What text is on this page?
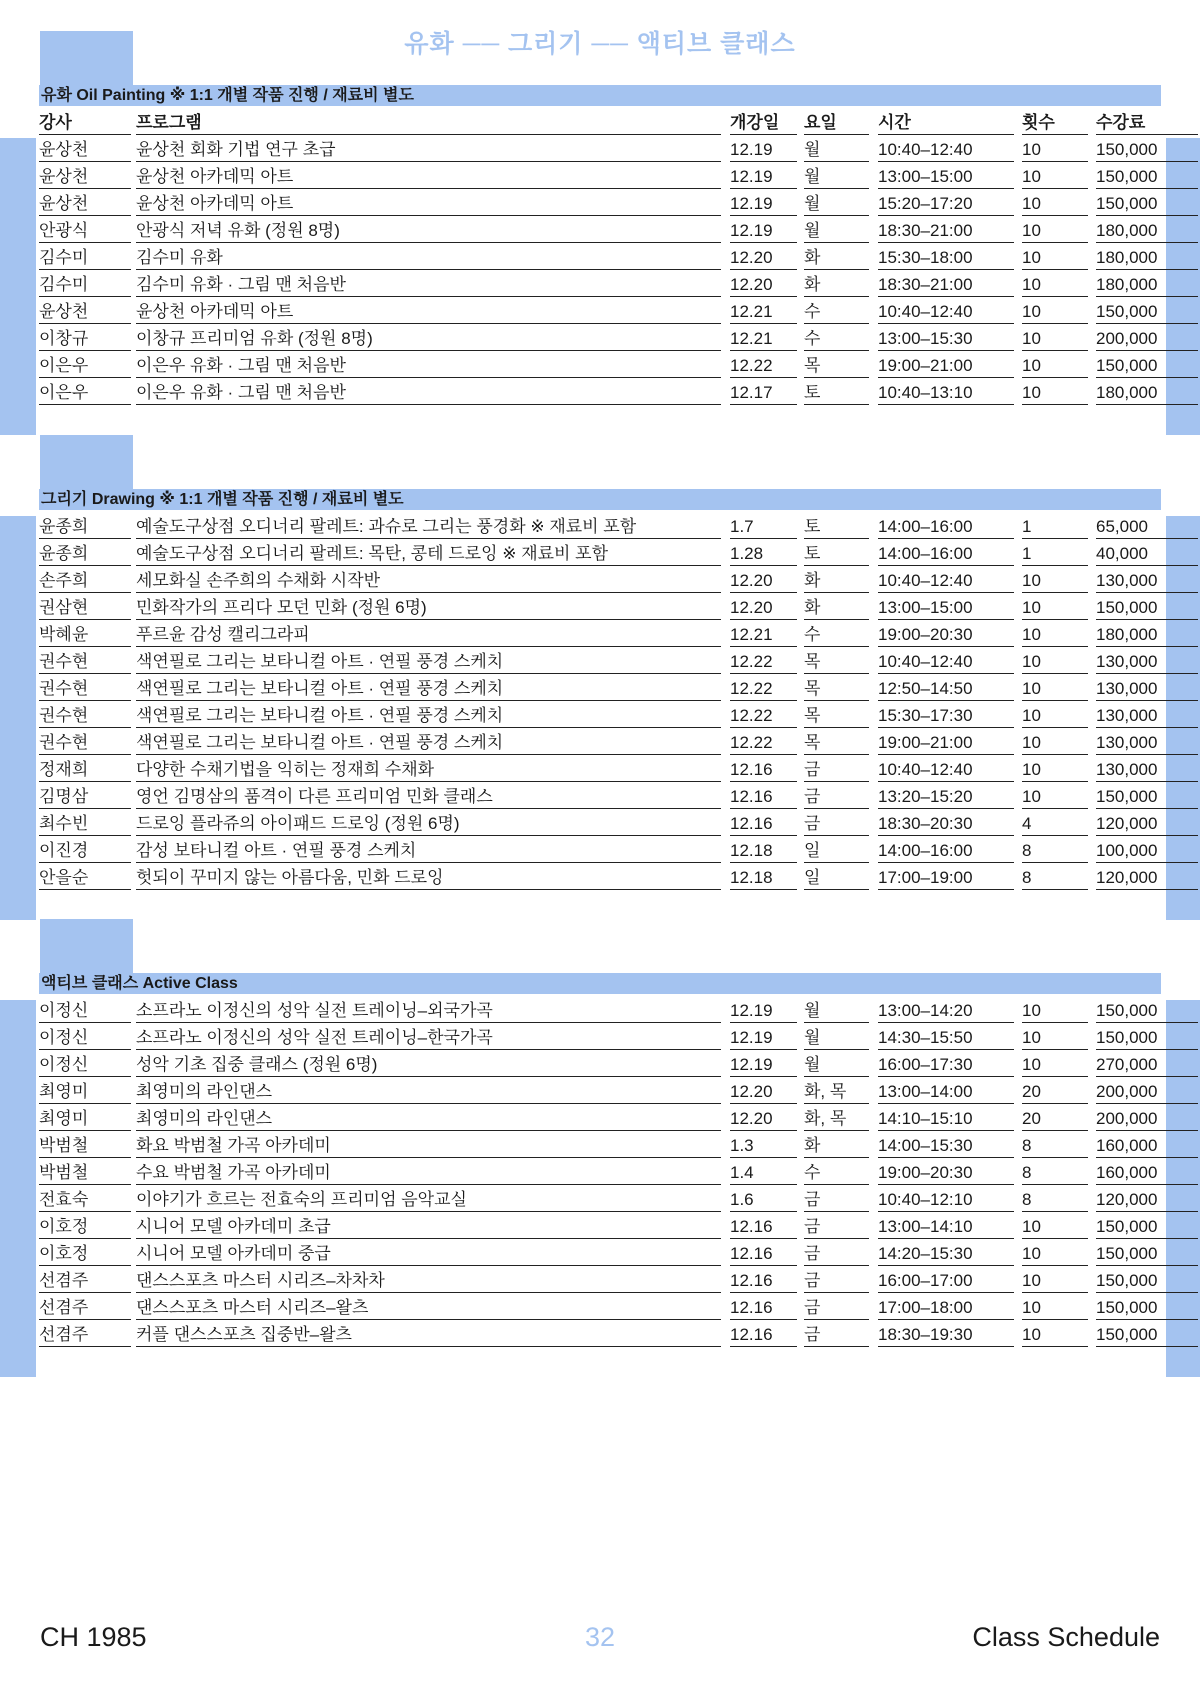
유화 ── 그리기 ── 액티브 클래스
유화 Oil Painting ※ 1:1 개별 작품 진행 / 재료비 별도
강사	프로그램	개강일	요일	시간	횟수	수강료
윤상천	윤상천 회화 기법 연구 초급	12.19	월	10:40–12:40	10	150,000
윤상천	윤상천 아카데믹 아트	12.19	월	13:00–15:00	10	150,000
윤상천	윤상천 아카데믹 아트	12.19	월	15:20–17:20	10	150,000
안광식	안광식 저녁 유화 (정원 8명)	12.19	월	18:30–21:00	10	180,000
김수미	김수미 유화	12.20	화	15:30–18:00	10	180,000
김수미	김수미 유화 · 그림 맨 처음반	12.20	화	18:30–21:00	10	180,000
윤상천	윤상천 아카데믹 아트	12.21	수	10:40–12:40	10	150,000
이창규	이창규 프리미엄 유화 (정원 8명)	12.21	수	13:00–15:30	10	200,000
이은우	이은우 유화 · 그림 맨 처음반	12.22	목	19:00–21:00	10	150,000
이은우	이은우 유화 · 그림 맨 처음반	12.17	토	10:40–13:10	10	180,000
그리기 Drawing ※ 1:1 개별 작품 진행 / 재료비 별도
윤종희	예술도구상점 오디너리 팔레트: 과슈로 그리는 풍경화 ※ 재료비 포함	1.7	토	14:00–16:00	1	65,000
윤종희	예술도구상점 오디너리 팔레트: 목탄, 콩테 드로잉 ※ 재료비 포함	1.28	토	14:00–16:00	1	40,000
손주희	세모화실 손주희의 수채화 시작반	12.20	화	10:40–12:40	10	130,000
권삼현	민화작가의 프리다 모던 민화 (정원 6명)	12.20	화	13:00–15:00	10	150,000
박혜윤	푸르윤 감성 캘리그라피	12.21	수	19:00–20:30	10	180,000
권수현	색연필로 그리는 보타니컬 아트 · 연필 풍경 스케치	12.22	목	10:40–12:40	10	130,000
권수현	색연필로 그리는 보타니컬 아트 · 연필 풍경 스케치	12.22	목	12:50–14:50	10	130,000
권수현	색연필로 그리는 보타니컬 아트 · 연필 풍경 스케치	12.22	목	15:30–17:30	10	130,000
권수현	색연필로 그리는 보타니컬 아트 · 연필 풍경 스케치	12.22	목	19:00–21:00	10	130,000
정재희	다양한 수채기법을 익히는 정재희 수채화	12.16	금	10:40–12:40	10	130,000
김명삼	영언 김명삼의 품격이 다른 프리미엄 민화 클래스	12.16	금	13:20–15:20	10	150,000
최수빈	드로잉 플라쥬의 아이패드 드로잉 (정원 6명)	12.16	금	18:30–20:30	4	120,000
이진경	감성 보타니컬 아트 · 연필 풍경 스케치	12.18	일	14:00–16:00	8	100,000
안을순	헛되이 꾸미지 않는 아름다움, 민화 드로잉	12.18	일	17:00–19:00	8	120,000
액티브 클래스 Active Class
이정신	소프라노 이정신의 성악 실전 트레이닝–외국가곡	12.19	월	13:00–14:20	10	150,000
이정신	소프라노 이정신의 성악 실전 트레이닝–한국가곡	12.19	월	14:30–15:50	10	150,000
이정신	성악 기초 집중 클래스 (정원 6명)	12.19	월	16:00–17:30	10	270,000
최영미	최영미의 라인댄스	12.20	화, 목	13:00–14:00	20	200,000
최영미	최영미의 라인댄스	12.20	화, 목	14:10–15:10	20	200,000
박범철	화요 박범철 가곡 아카데미	1.3	화	14:00–15:30	8	160,000
박범철	수요 박범철 가곡 아카데미	1.4	수	19:00–20:30	8	160,000
전효숙	이야기가 흐르는 전효숙의 프리미엄 음악교실	1.6	금	10:40–12:10	8	120,000
이호정	시니어 모델 아카데미 초급	12.16	금	13:00–14:10	10	150,000
이호정	시니어 모델 아카데미 중급	12.16	금	14:20–15:30	10	150,000
선겸주	댄스스포츠 마스터 시리즈–차차차	12.16	금	16:00–17:00	10	150,000
선겸주	댄스스포츠 마스터 시리즈–왈츠	12.16	금	17:00–18:00	10	150,000
선겸주	커플 댄스스포츠 집중반–왈츠	12.16	금	18:30–19:30	10	150,000
32
CH 1985	Class Schedule
